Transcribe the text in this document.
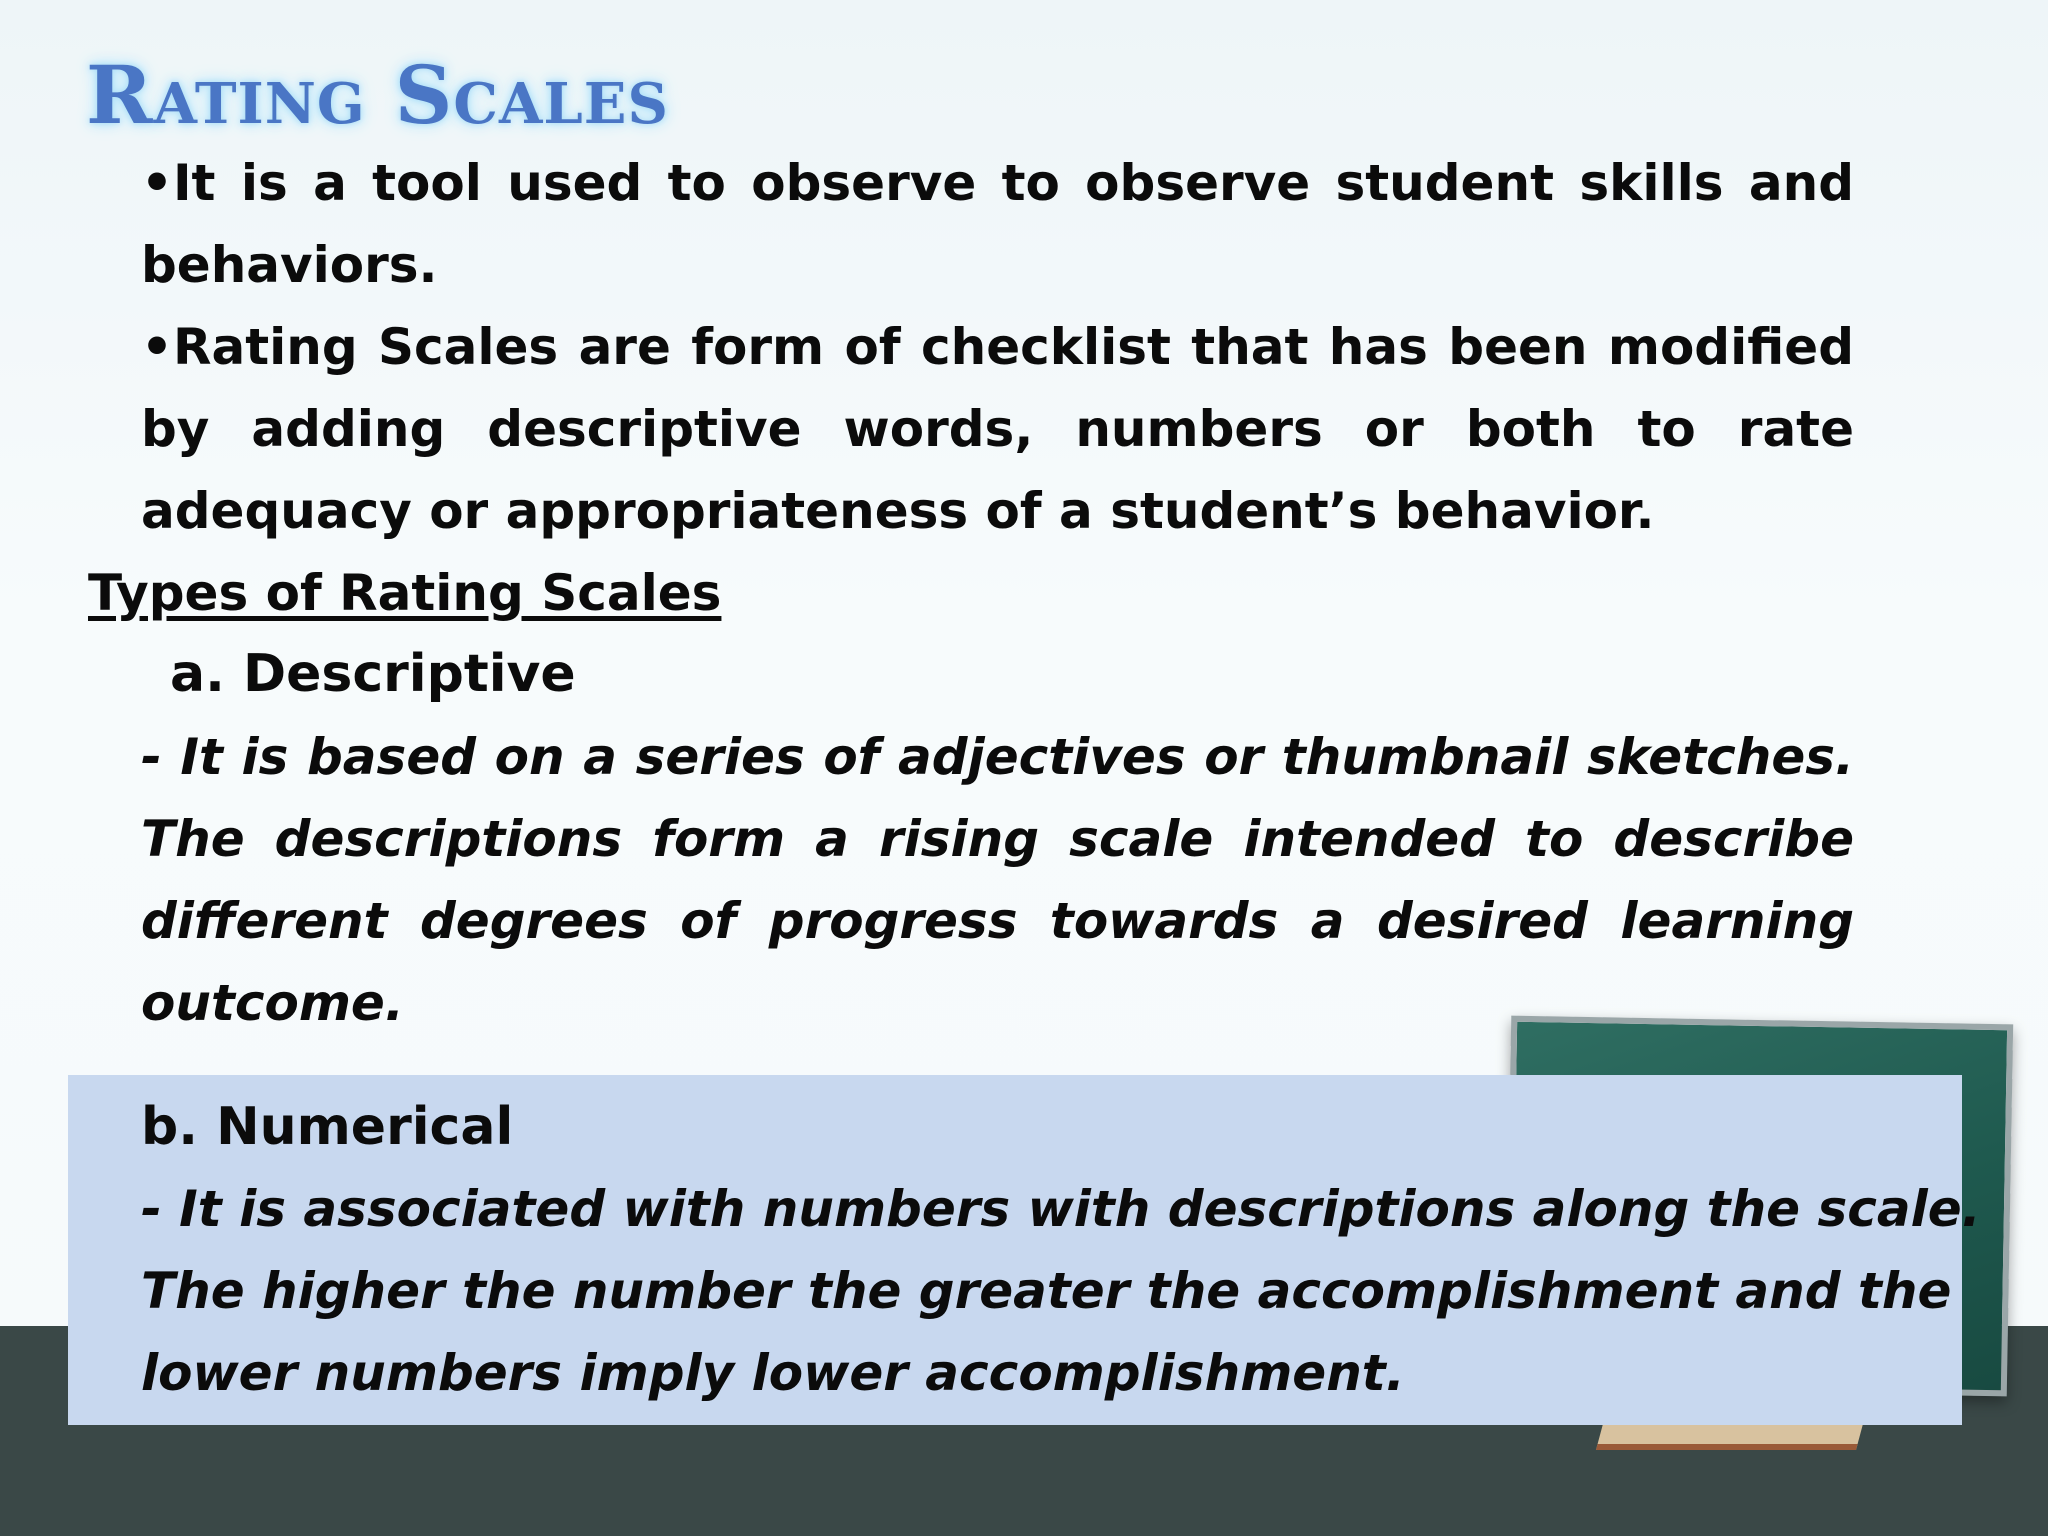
Rating Scales

•It is a tool used to observe to observe student skills and behaviors.

•Rating Scales are form of checklist that has been modified by adding descriptive words, numbers or both to rate adequacy or appropriateness of a student’s behavior.

Types of Rating Scales
a. Descriptive

- It is based on a series of adjectives or thumbnail sketches. The descriptions form a rising scale intended to describe different degrees of progress towards a desired learning outcome.

b. Numerical
- It is associated with numbers with descriptions along the scale.
The higher the number the greater the accomplishment and the
lower numbers imply lower accomplishment.
